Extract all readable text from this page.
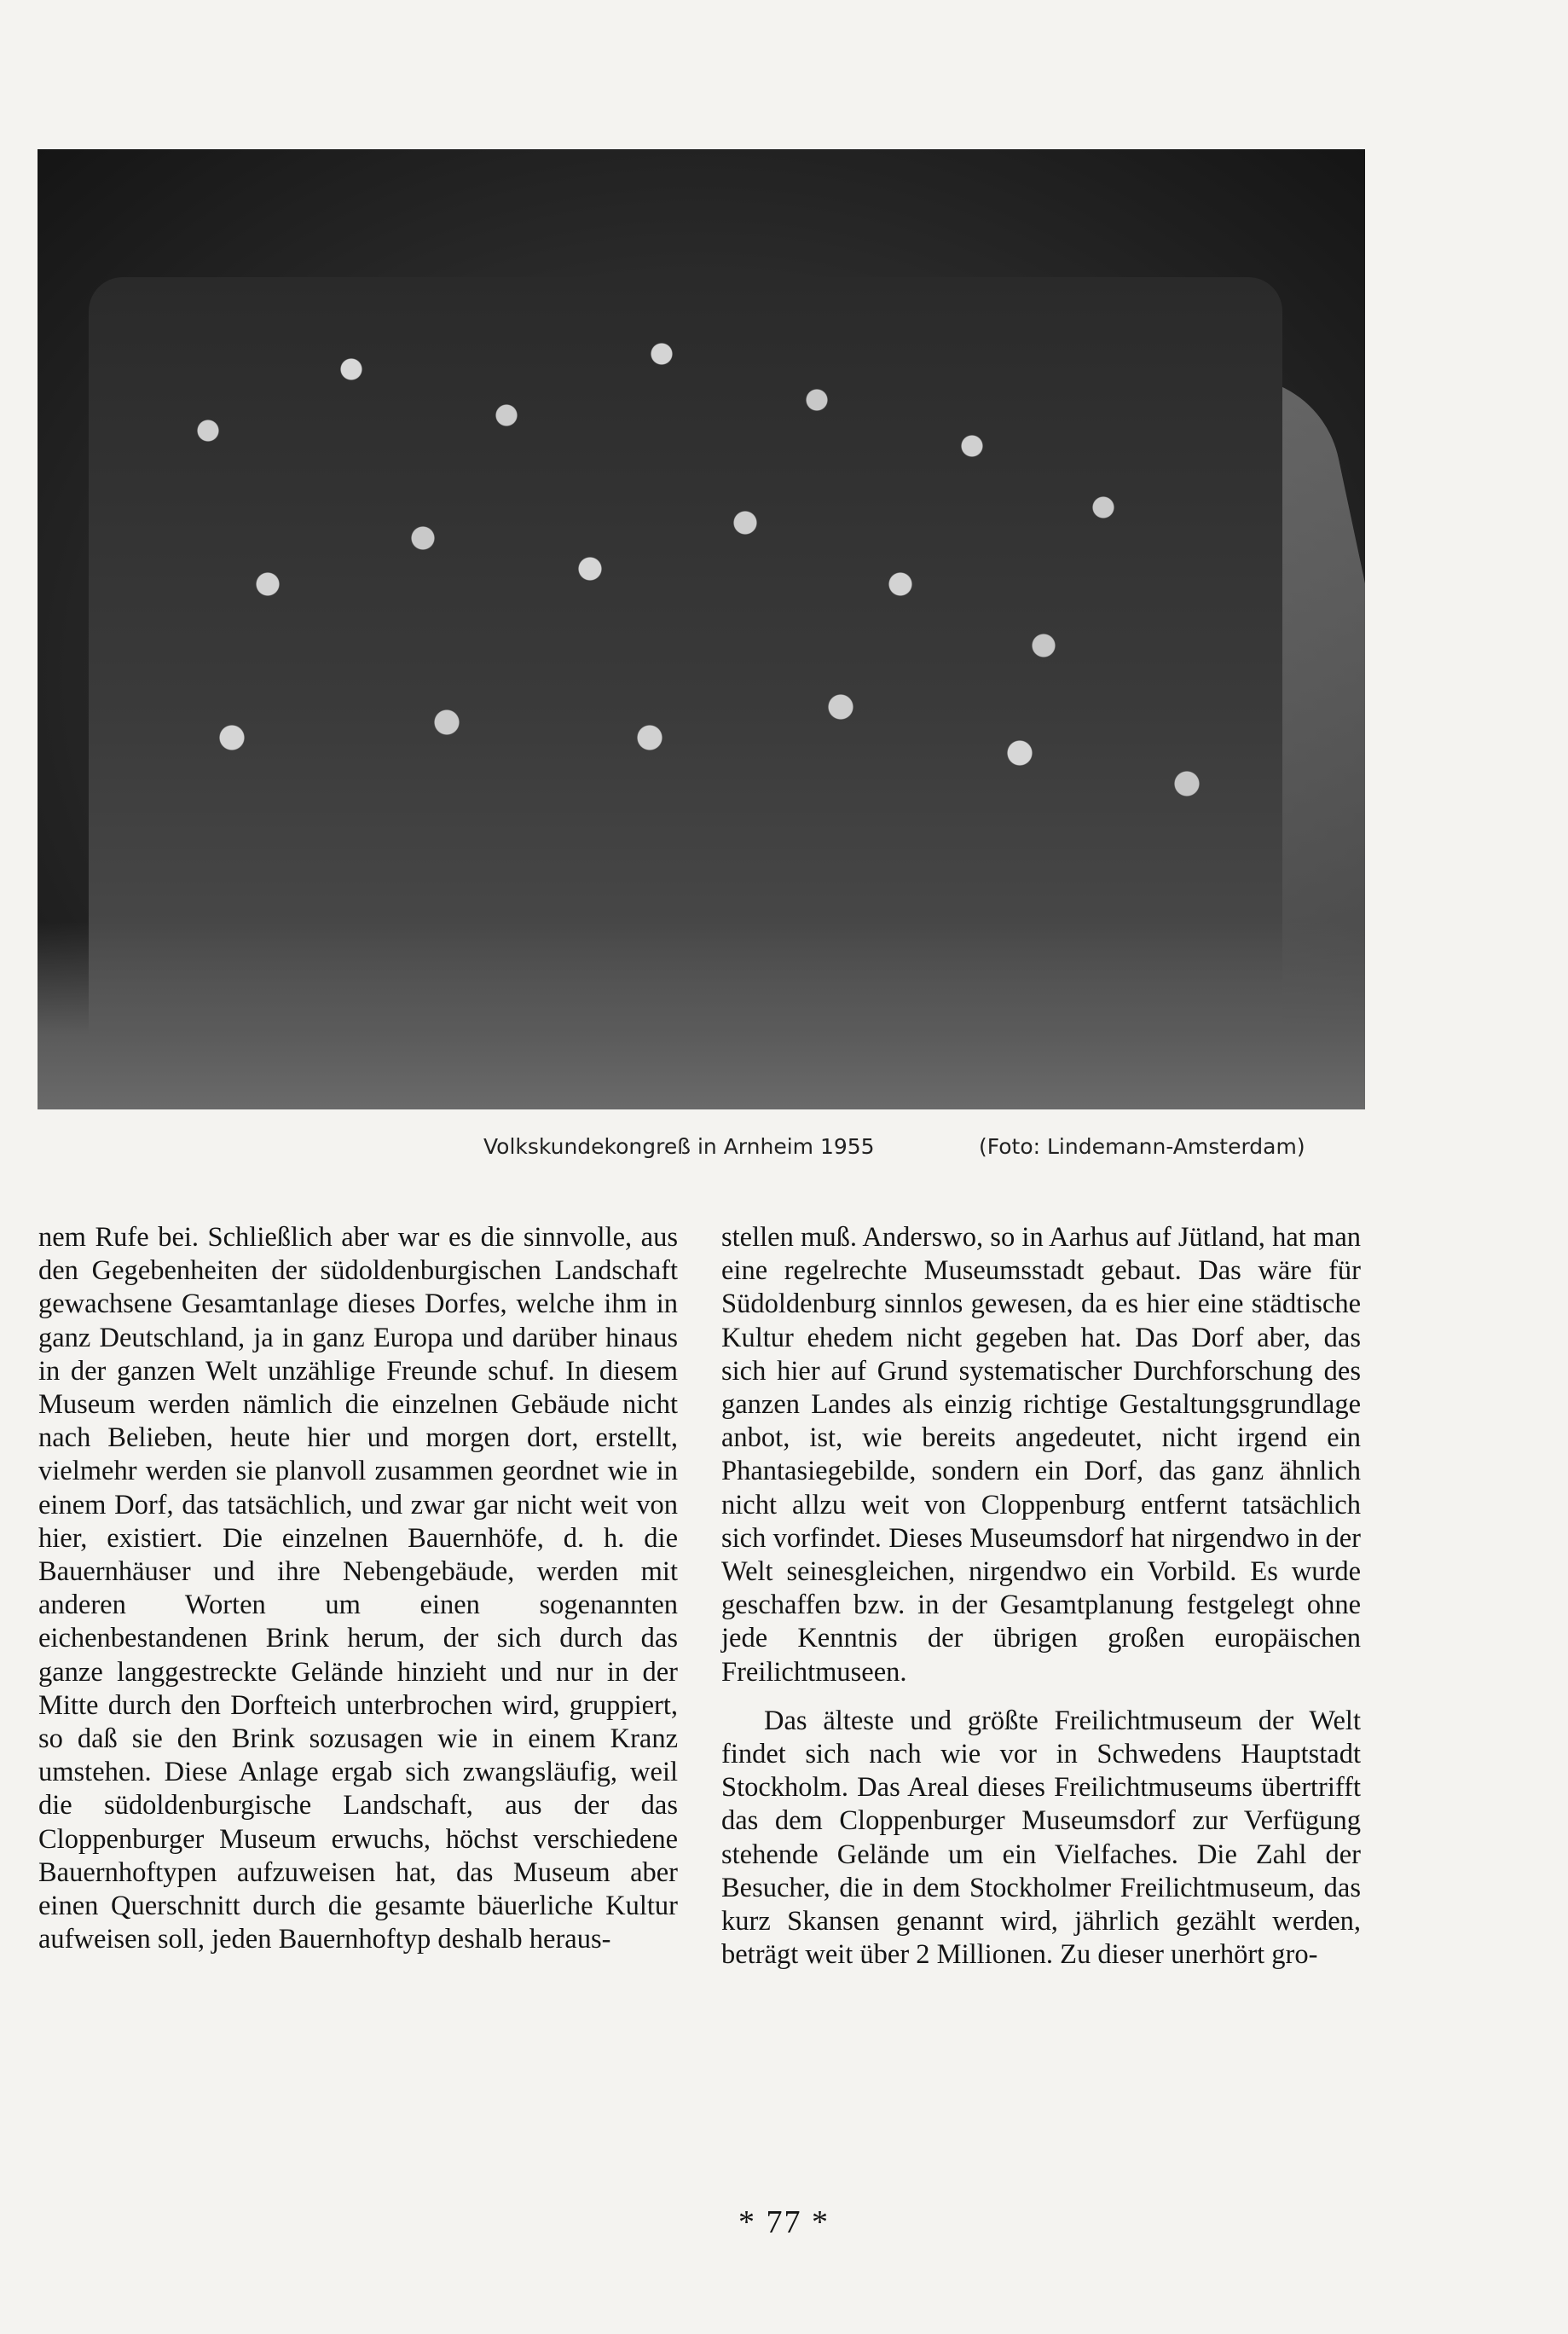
Volkskundekongreß in Arnheim 1955	(Foto: Lindemann-Amsterdam)

nem Rufe bei. Schließlich aber war es die sinnvolle, aus den Gegebenheiten der südoldenburgischen Landschaft gewachsene Gesamtanlage dieses Dorfes, welche ihm in ganz Deutschland, ja in ganz Europa und darüber hinaus in der ganzen Welt unzählige Freunde schuf. In diesem Museum werden nämlich die einzelnen Gebäude nicht nach Belieben, heute hier und morgen dort, erstellt, vielmehr werden sie planvoll zusammen geordnet wie in einem Dorf, das tatsächlich, und zwar gar nicht weit von hier, existiert. Die einzelnen Bauernhöfe, d. h. die Bauernhäuser und ihre Nebengebäude, werden mit anderen Worten um einen sogenannten eichenbestandenen Brink herum, der sich durch das ganze langgestreckte Gelände hinzieht und nur in der Mitte durch den Dorfteich unterbrochen wird, gruppiert, so daß sie den Brink sozusagen wie in einem Kranz umstehen. Diese Anlage ergab sich zwangsläufig, weil die südoldenburgische Landschaft, aus der das Cloppenburger Museum erwuchs, höchst verschiedene Bauernhoftypen aufzuweisen hat, das Museum aber einen Querschnitt durch die gesamte bäuerliche Kultur aufweisen soll, jeden Bauernhoftyp deshalb heraus-

stellen muß. Anderswo, so in Aarhus auf Jütland, hat man eine regelrechte Museumsstadt gebaut. Das wäre für Südoldenburg sinnlos gewesen, da es hier eine städtische Kultur ehedem nicht gegeben hat. Das Dorf aber, das sich hier auf Grund systematischer Durchforschung des ganzen Landes als einzig richtige Gestaltungsgrundlage anbot, ist, wie bereits angedeutet, nicht irgend ein Phantasiegebilde, sondern ein Dorf, das ganz ähnlich nicht allzu weit von Cloppenburg entfernt tatsächlich sich vorfindet. Dieses Museumsdorf hat nirgendwo in der Welt seinesgleichen, nirgendwo ein Vorbild. Es wurde geschaffen bzw. in der Gesamtplanung festgelegt ohne jede Kenntnis der übrigen großen europäischen Freilichtmuseen.

Das älteste und größte Freilichtmuseum der Welt findet sich nach wie vor in Schwedens Hauptstadt Stockholm. Das Areal dieses Freilichtmuseums übertrifft das dem Cloppenburger Museumsdorf zur Verfügung stehende Gelände um ein Vielfaches. Die Zahl der Besucher, die in dem Stockholmer Freilichtmuseum, das kurz Skansen genannt wird, jährlich gezählt werden, beträgt weit über 2 Millionen. Zu dieser unerhört gro-

* 77 *
